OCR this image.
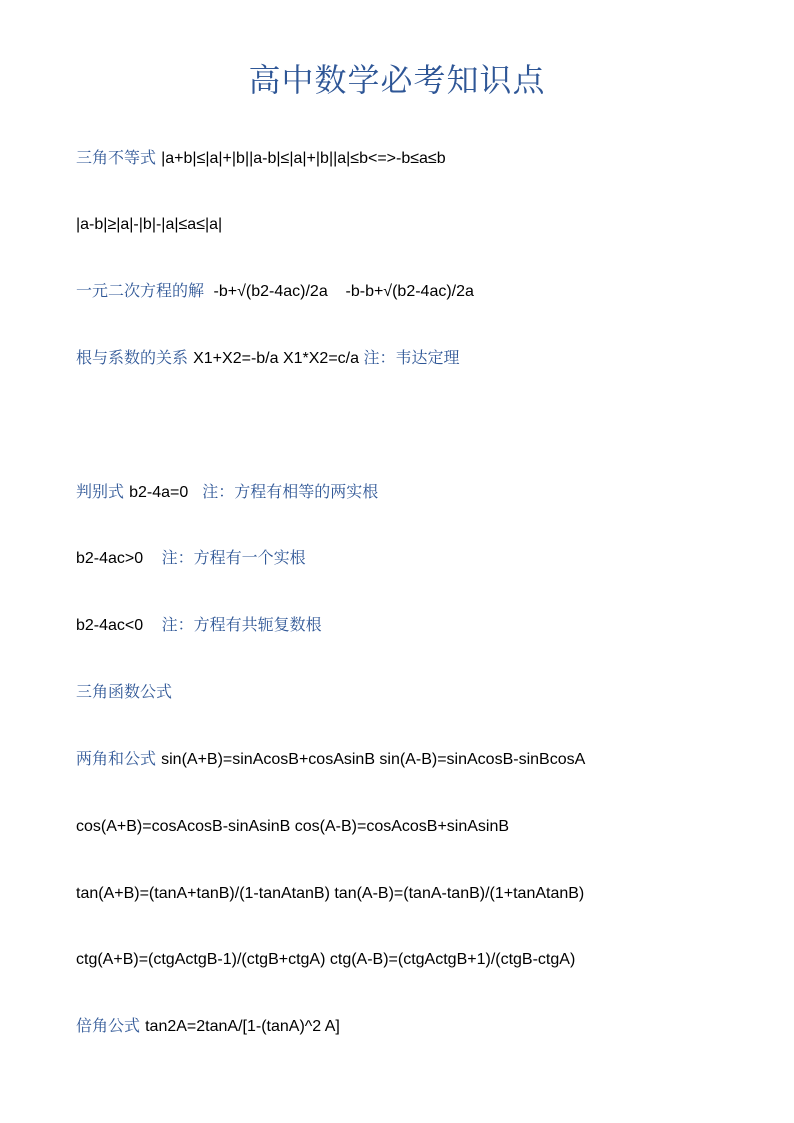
高中数学必考知识点
三角不等式 |a+b|≤|a|+|b||a-b|≤|a|+|b||a|≤b<=>-b≤a≤b
|a-b|≥|a|-|b|-|a|≤a≤|a|
一元二次方程的解  -b+√(b2-4ac)/2a    -b-b+√(b2-4ac)/2a
根与系数的关系 X1+X2=-b/a X1*X2=c/a 注：韦达定理
判别式 b2-4a=0   注：方程有相等的两实根
b2-4ac>0    注：方程有一个实根
b2-4ac<0    注：方程有共轭复数根
三角函数公式
两角和公式 sin(A+B)=sinAcosB+cosAsinB sin(A-B)=sinAcosB-sinBcosA
cos(A+B)=cosAcosB-sinAsinB cos(A-B)=cosAcosB+sinAsinB
tan(A+B)=(tanA+tanB)/(1-tanAtanB) tan(A-B)=(tanA-tanB)/(1+tanAtanB)
ctg(A+B)=(ctgActgB-1)/(ctgB+ctgA) ctg(A-B)=(ctgActgB+1)/(ctgB-ctgA)
倍角公式 tan2A=2tanA/[1-(tanA)^2 A]
